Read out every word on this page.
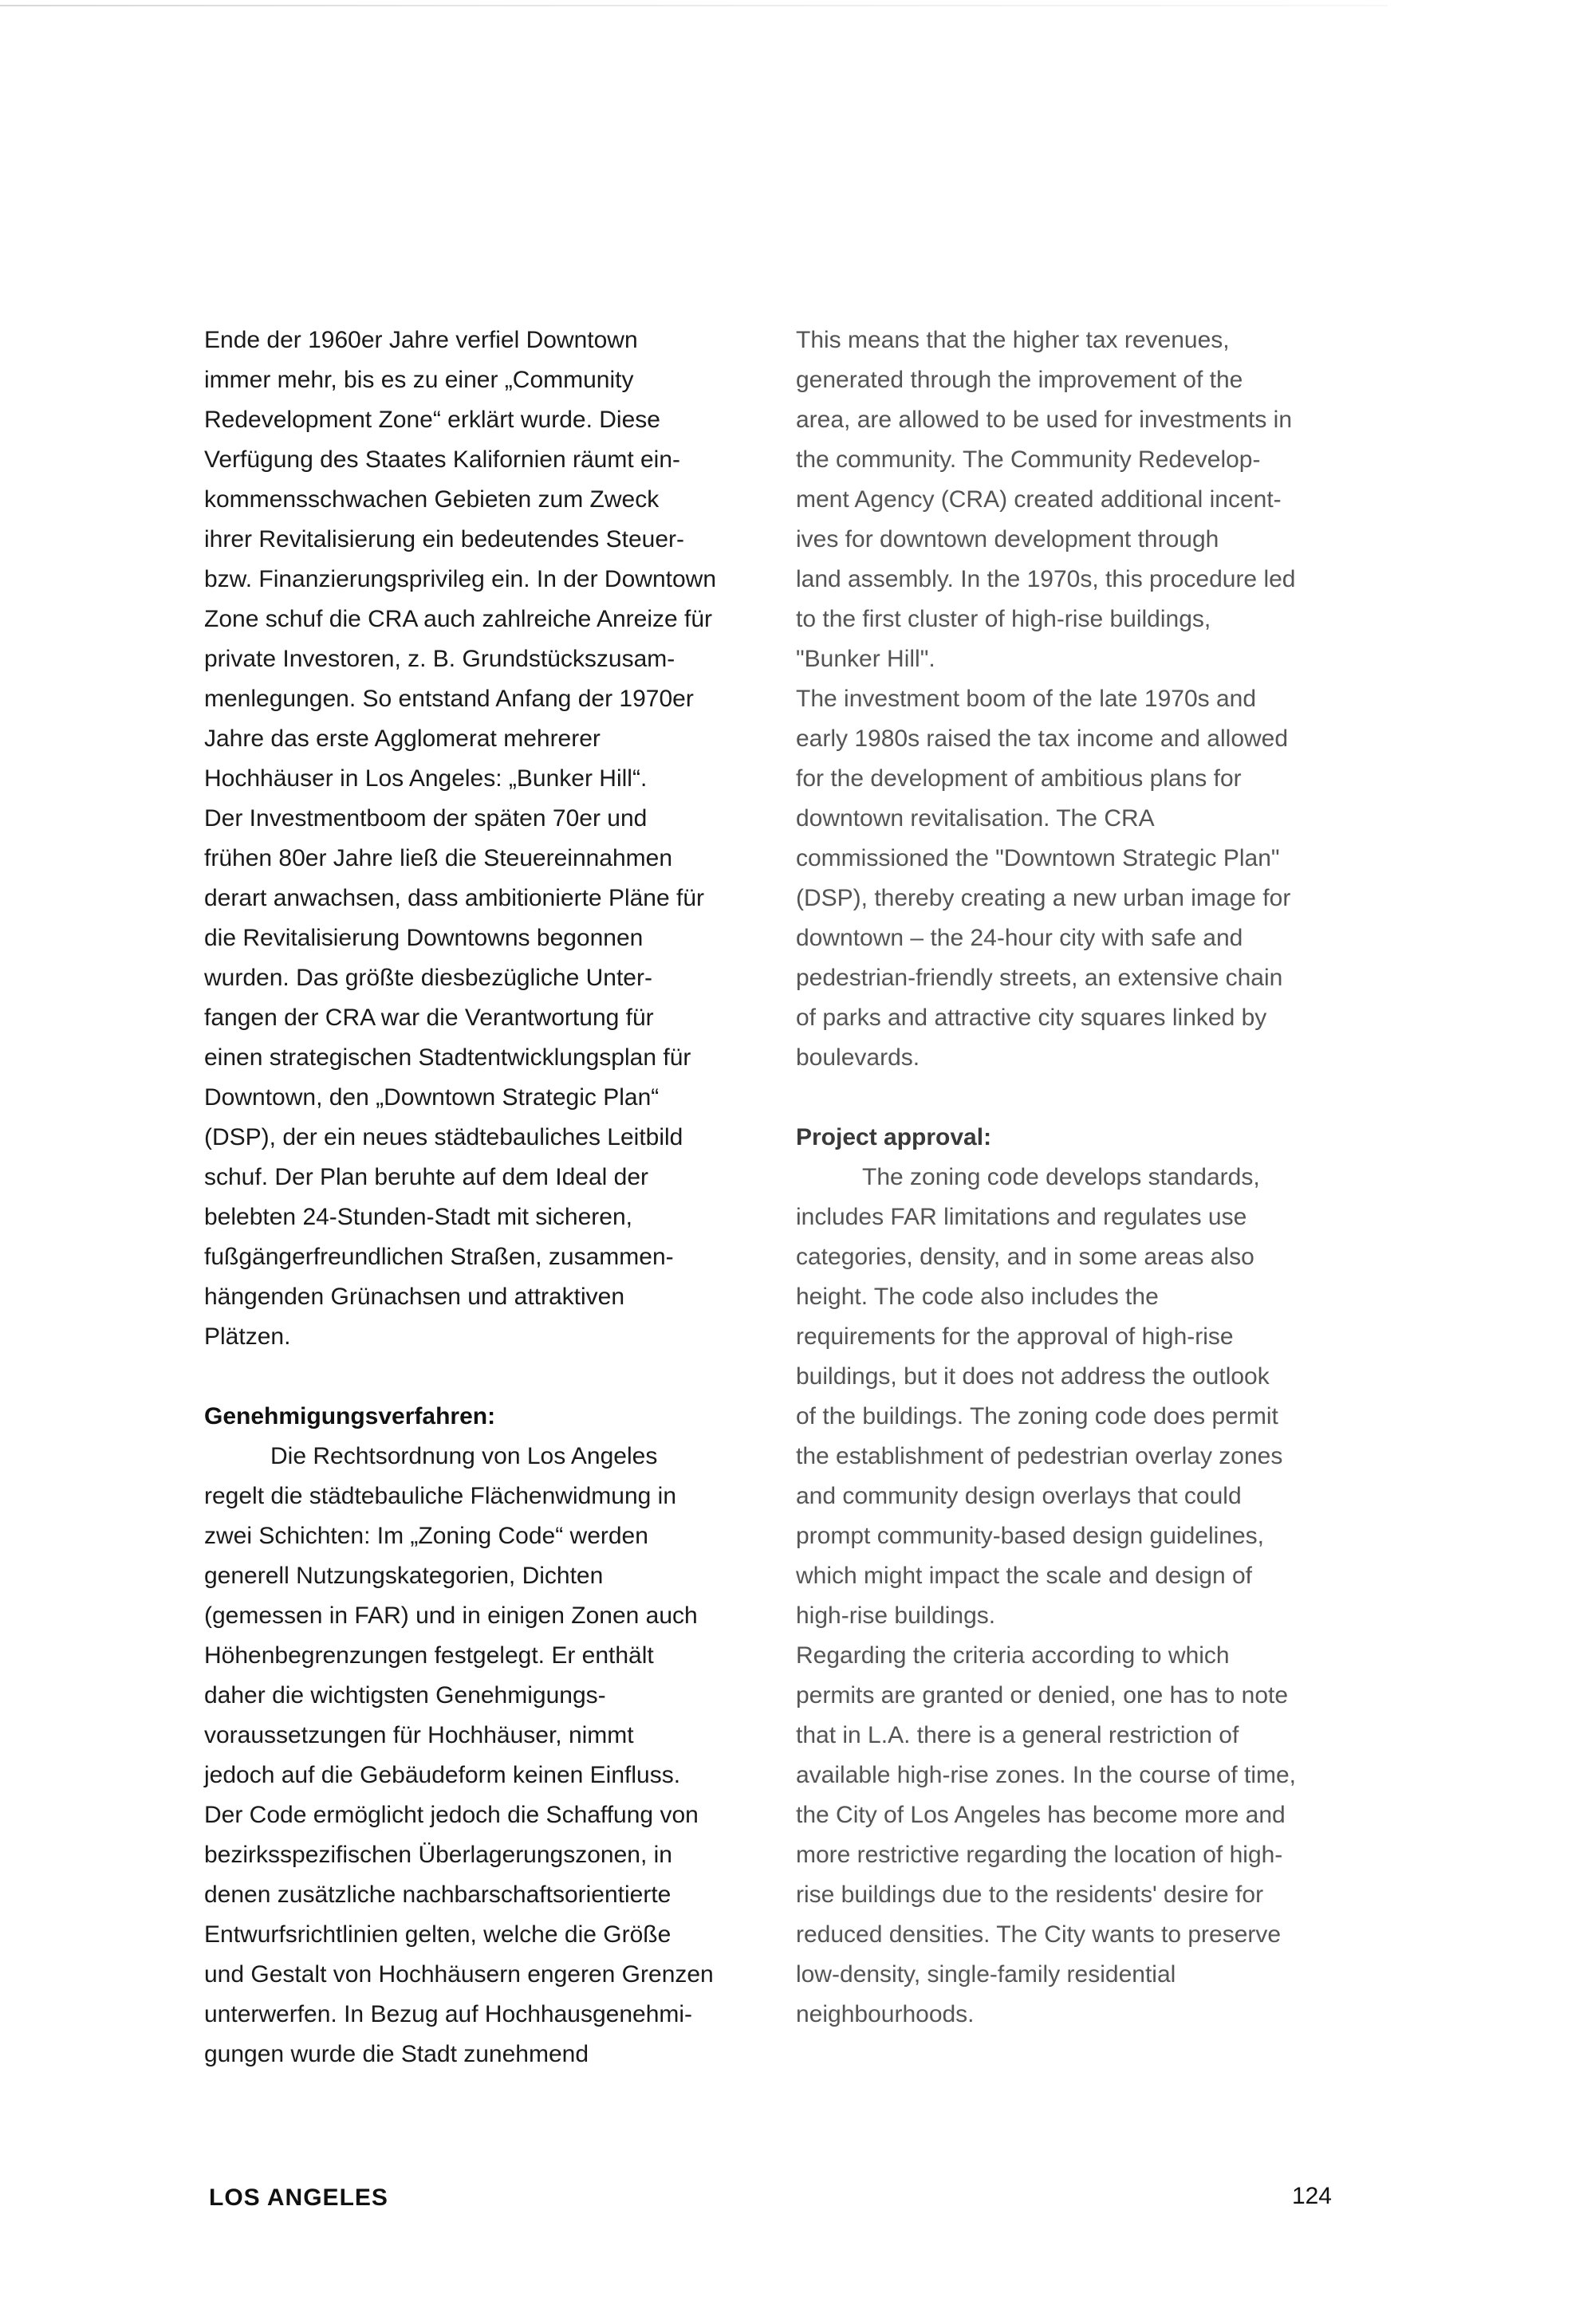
Ende der 1960er Jahre verfiel Downtown
immer mehr, bis es zu einer „Community
Redevelopment Zone“ erklärt wurde. Diese
Verfügung des Staates Kalifornien räumt ein-
kommensschwachen Gebieten zum Zweck
ihrer Revitalisierung ein bedeutendes Steuer-
bzw. Finanzierungsprivileg ein. In der Downtown
Zone schuf die CRA auch zahlreiche Anreize für
private Investoren, z. B. Grundstückszusam-
menlegungen. So entstand Anfang der 1970er
Jahre das erste Agglomerat mehrerer
Hochhäuser in Los Angeles: „Bunker Hill“.
Der Investmentboom der späten 70er und
frühen 80er Jahre ließ die Steuereinnahmen
derart anwachsen, dass ambitionierte Pläne für
die Revitalisierung Downtowns begonnen
wurden. Das größte diesbezügliche Unter-
fangen der CRA war die Verantwortung für
einen strategischen Stadtentwicklungsplan für
Downtown, den „Downtown Strategic Plan“
(DSP), der ein neues städtebauliches Leitbild
schuf. Der Plan beruhte auf dem Ideal der
belebten 24-Stunden-Stadt mit sicheren,
fußgängerfreundlichen Straßen, zusammen-
hängenden Grünachsen und attraktiven
Plätzen.
Genehmigungsverfahren:
Die Rechtsordnung von Los Angeles
regelt die städtebauliche Flächenwidmung in
zwei Schichten: Im „Zoning Code“ werden
generell Nutzungskategorien, Dichten
(gemessen in FAR) und in einigen Zonen auch
Höhenbegrenzungen festgelegt. Er enthält
daher die wichtigsten Genehmigungs-
voraussetzungen für Hochhäuser, nimmt
jedoch auf die Gebäudeform keinen Einfluss.
Der Code ermöglicht jedoch die Schaffung von
bezirksspezifischen Überlagerungszonen, in
denen zusätzliche nachbarschaftsorientierte
Entwurfsrichtlinien gelten, welche die Größe
und Gestalt von Hochhäusern engeren Grenzen
unterwerfen. In Bezug auf Hochhausgenehmi-
gungen wurde die Stadt zunehmend
This means that the higher tax revenues,
generated through the improvement of the
area, are allowed to be used for investments in
the community. The Community Redevelop-
ment Agency (CRA) created additional incent-
ives for downtown development through
land assembly. In the 1970s, this procedure led
to the first cluster of high-rise buildings,
"Bunker Hill".
The investment boom of the late 1970s and
early 1980s raised the tax income and allowed
for the development of ambitious plans for
downtown revitalisation. The CRA
commissioned the "Downtown Strategic Plan"
(DSP), thereby creating a new urban image for
downtown – the 24-hour city with safe and
pedestrian-friendly streets, an extensive chain
of parks and attractive city squares linked by
boulevards.
Project approval:
The zoning code develops standards,
includes FAR limitations and regulates use
categories, density, and in some areas also
height. The code also includes the
requirements for the approval of high-rise
buildings, but it does not address the outlook
of the buildings. The zoning code does permit
the establishment of pedestrian overlay zones
and community design overlays that could
prompt community-based design guidelines,
which might impact the scale and design of
high-rise buildings.
Regarding the criteria according to which
permits are granted or denied, one has to note
that in L.A. there is a general restriction of
available high-rise zones. In the course of time,
the City of Los Angeles has become more and
more restrictive regarding the location of high-
rise buildings due to the residents' desire for
reduced densities. The City wants to preserve
low-density, single-family residential
neighbourhoods.
LOS ANGELES	124
